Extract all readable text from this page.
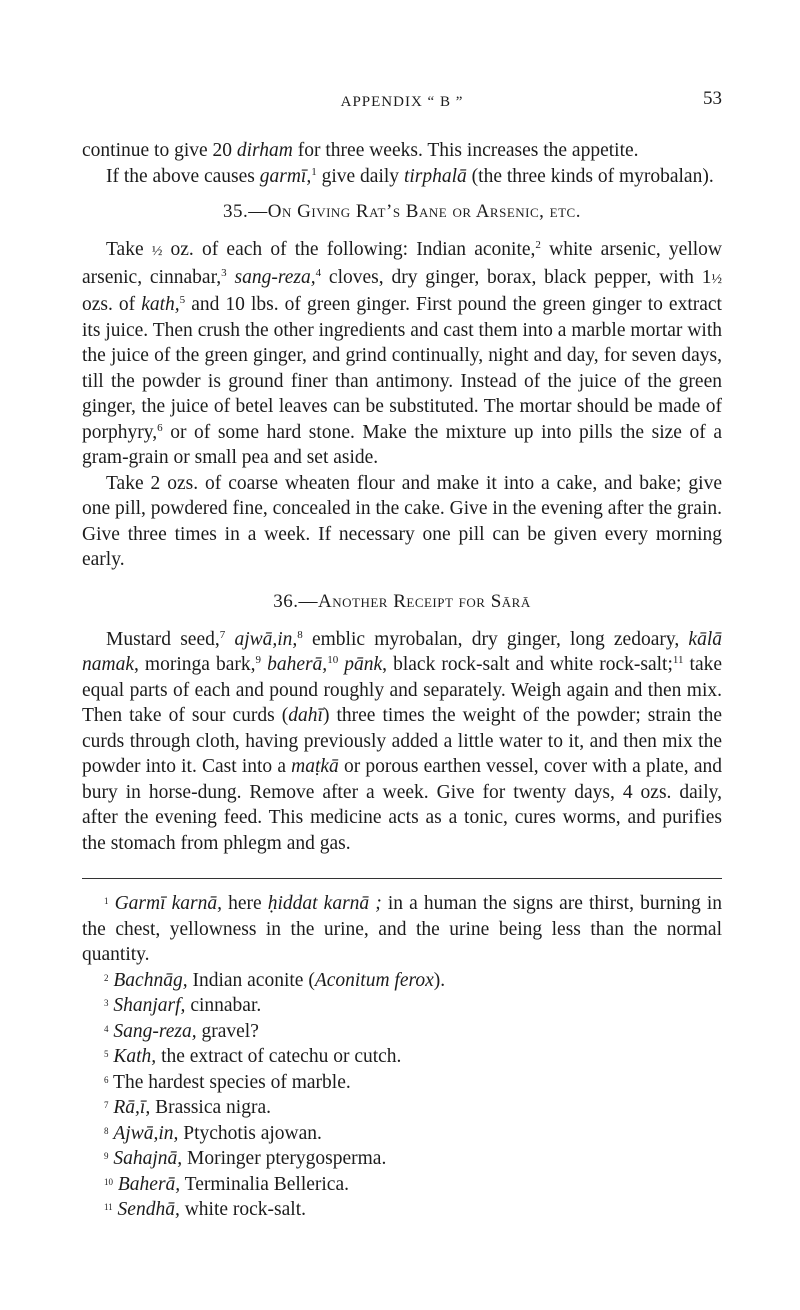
APPENDIX “ B ”	53

continue to give 20 dirham for three weeks. This increases the appetite.

If the above causes garmī,$^1$ give daily tirphalā (the three kinds of myrobalan).

35.—On Giving Rat’s Bane or Arsenic, etc.

Take ½ oz. of each of the following: Indian aconite,$^2$ white arsenic, yellow arsenic, cinnabar,$^3$ sang-reza,$^4$ cloves, dry ginger, borax, black pepper, with 1½ ozs. of kath,$^5$ and 10 lbs. of green ginger. First pound the green ginger to extract its juice. Then crush the other ingredients and cast them into a marble mortar with the juice of the green ginger, and grind continually, night and day, for seven days, till the powder is ground finer than antimony. Instead of the juice of the green ginger, the juice of betel leaves can be substituted. The mortar should be made of porphyry,$^6$ or of some hard stone. Make the mixture up into pills the size of a gram-grain or small pea and set aside.

Take 2 ozs. of coarse wheaten flour and make it into a cake, and bake; give one pill, powdered fine, concealed in the cake. Give in the evening after the grain. Give three times in a week. If necessary one pill can be given every morning early.

36.—Another Receipt for Sārā

Mustard seed,$^7$ ajwā,in,$^8$ emblic myrobalan, dry ginger, long zedoary, kālā namak, moringa bark,$^9$ baherā,$^{10}$ pānk, black rock-salt and white rock-salt;$^{11}$ take equal parts of each and pound roughly and separately. Weigh again and then mix. Then take of sour curds (dahī) three times the weight of the powder; strain the curds through cloth, having previously added a little water to it, and then mix the powder into it. Cast into a maṭkā or porous earthen vessel, cover with a plate, and bury in horse-dung. Remove after a week. Give for twenty days, 4 ozs. daily, after the evening feed. This medicine acts as a tonic, cures worms, and purifies the stomach from phlegm and gas.

$^1$ Garmī karnā, here ḥiddat karnā ; in a human the signs are thirst, burning in the chest, yellowness in the urine, and the urine being less than the normal quantity.

$^2$ Bachnāg, Indian aconite (Aconitum ferox).

$^3$ Shanjarf, cinnabar.

$^4$ Sang-reza, gravel?

$^5$ Kath, the extract of catechu or cutch.

$^6$ The hardest species of marble.

$^7$ Rā,ī, Brassica nigra.

$^8$ Ajwā,in, Ptychotis ajowan.

$^9$ Sahajnā, Moringer pterygosperma.

$^{10}$ Baherā, Terminalia Bellerica.

$^{11}$ Sendhā, white rock-salt.
